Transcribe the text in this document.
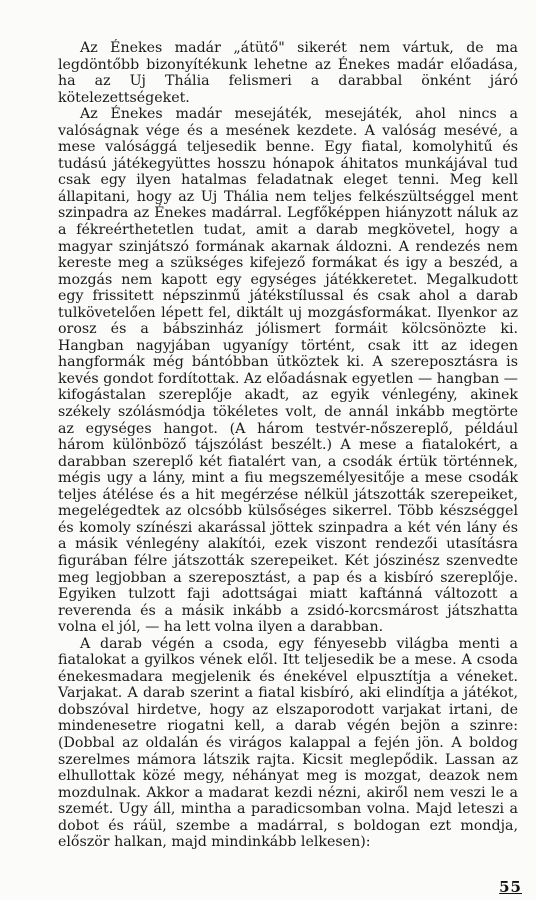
Az Énekes madár „átütő" sikerét nem vártuk, de ma legdöntőbb bizonyítékunk lehetne az Énekes madár előadása, ha az Uj Thália felismeri a darabbal önként járó kötelezettségeket.

Az Énekes madár mesejáték, mesejáték, ahol nincs a valóságnak vége és a mesének kezdete. A valóság mesévé, a mese valósággá teljesedik benne. Egy fiatal, komolyhitű és tudású játékegyüttes hosszu hónapok áhitatos munkájával tud csak egy ilyen hatalmas feladatnak eleget tenni. Meg kell állapitani, hogy az Uj Thália nem teljes felkészültséggel ment szinpadra az Énekes madárral. Legfőképpen hiányzott náluk az a fékreérthetetlen tudat, amit a darab megkövetel, hogy a magyar szinjátszó formának akarnak áldozni. A rendezés nem kereste meg a szükséges kifejező formákat és igy a beszéd, a mozgás nem kapott egy egységes játékkeretet. Megalkudott egy frissitett népszinmű játékstílussal és csak ahol a darab tulkövetelően lépett fel, diktált uj mozgásformákat. Ilyenkor az orosz és a bábszinház jólismert formáit kölcsönözte ki. Hangban nagyjában ugyanígy történt, csak itt az idegen hangformák még bántóbban ütköztek ki. A szereposztásra is kevés gondot fordítottak. Az előadásnak egyetlen — hangban — kifogástalan szereplője akadt, az egyik vénlegény, akinek székely szólásmódja tökéletes volt, de annál inkább megtörte az egységes hangot. (A három testvér-nőszereplő, például három különböző tájszólást beszélt.) A mese a fiatalokért, a darabban szereplő két fiatalért van, a csodák értük történnek, mégis ugy a lány, mint a fiu megszemélyesitője a mese csodák teljes átélése és a hit megérzése nélkül játszották szerepeiket, megelégedtek az olcsóbb külsőséges sikerrel. Több készséggel és komoly színészi akarással jöttek szinpadra a két vén lány és a másik vénlegény alakítói, ezek viszont rendezői utasításra figurában félre játszották szerepeiket. Két jószinész szenvedte meg legjobban a szereposztást, a pap és a kisbíró szereplője. Egyiken tulzott faji adottságai miatt kaftánná változott a reverenda és a másik inkább a zsidó-korcsmárost játszhatta volna el jól, — ha lett volna ilyen a darabban.

A darab végén a csoda, egy fényesebb világba menti a fiatalokat a gyilkos vének elől. Itt teljesedik be a mese. A csoda énekesmadara megjelenik és énekével elpusztítja a véneket. Varjakat. A darab szerint a fiatal kisbíró, aki elindítja a játékot, dobszóval hirdetve, hogy az elszaporodott varjakat irtani, de mindenesetre riogatni kell, a darab végén bejön a szinre: (Dobbal az oldalán és virágos kalappal a fején jön. A boldog szerelmes mámora látszik rajta. Kicsit meglepődik. Lassan az elhullottak közé megy, néhányat meg is mozgat, deazok nem mozdulnak. Akkor a madarat kezdi nézni, akiről nem veszi le a szemét. Ugy áll, mintha a paradicsomban volna. Majd leteszi a dobot és ráül, szembe a madárral, s boldogan ezt mondja, először halkan, majd mindinkább lelkesen):

55
